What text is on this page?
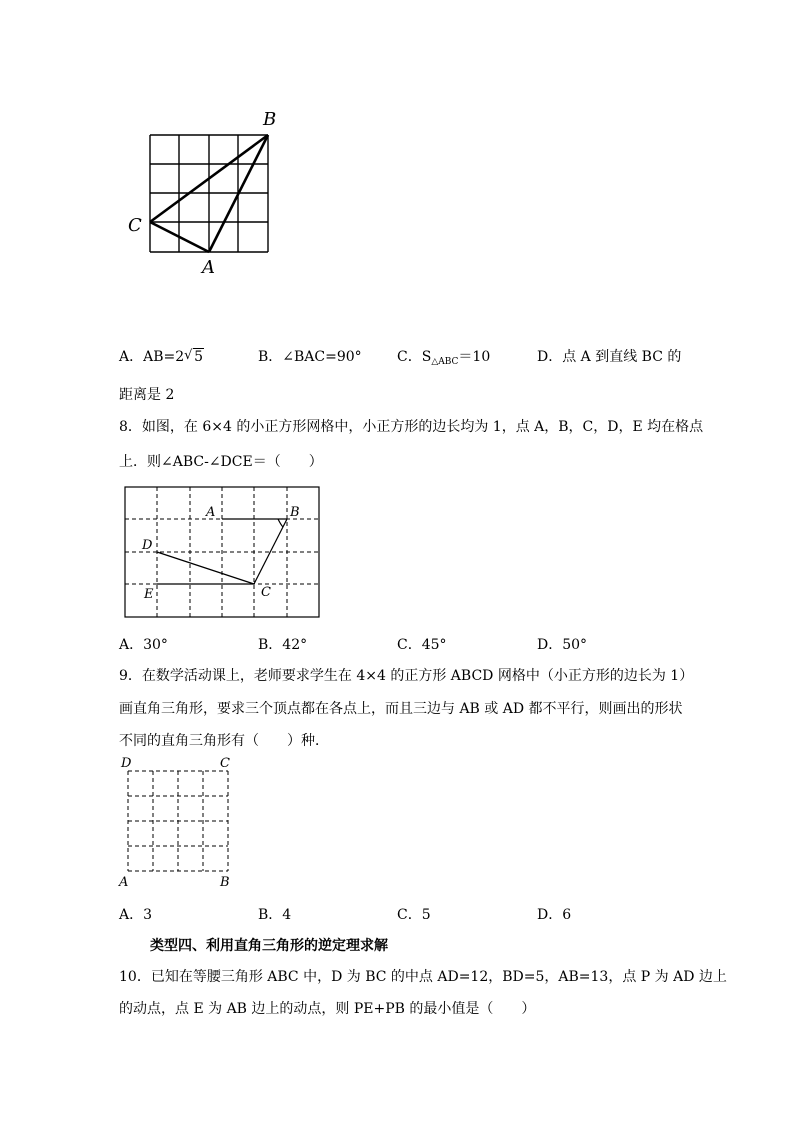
B
C
A
A．AB=2√ 5	B．∠BAC=90°	C．$S_{\triangle ABC}=10$	D．点 A 到直线 BC 的
距离是 2
8．如图，在 6×4 的小正方形网格中，小正方形的边长均为 1，点 A，B，C，D，E 均在格点
上．则∠ABC-∠DCE＝（　　）
A	B
D
E	C
A．30°	B．42°	C．45°	D．50°
9．在数学活动课上，老师要求学生在 4×4 的正方形 ABCD 网格中（小正方形的边长为 1）
画直角三角形，要求三个顶点都在各点上，而且三边与 AB 或 AD 都不平行，则画出的形状
不同的直角三角形有（　　）种．
D	C
A	B
A．3	B．4	C．5	D．6
类型四、利用直角三角形的逆定理求解
10．已知在等腰三角形 ABC 中，D 为 BC 的中点 AD=12，BD=5，AB=13，点 P 为 AD 边上
的动点，点 E 为 AB 边上的动点，则 PE+PB 的最小值是（　　）
